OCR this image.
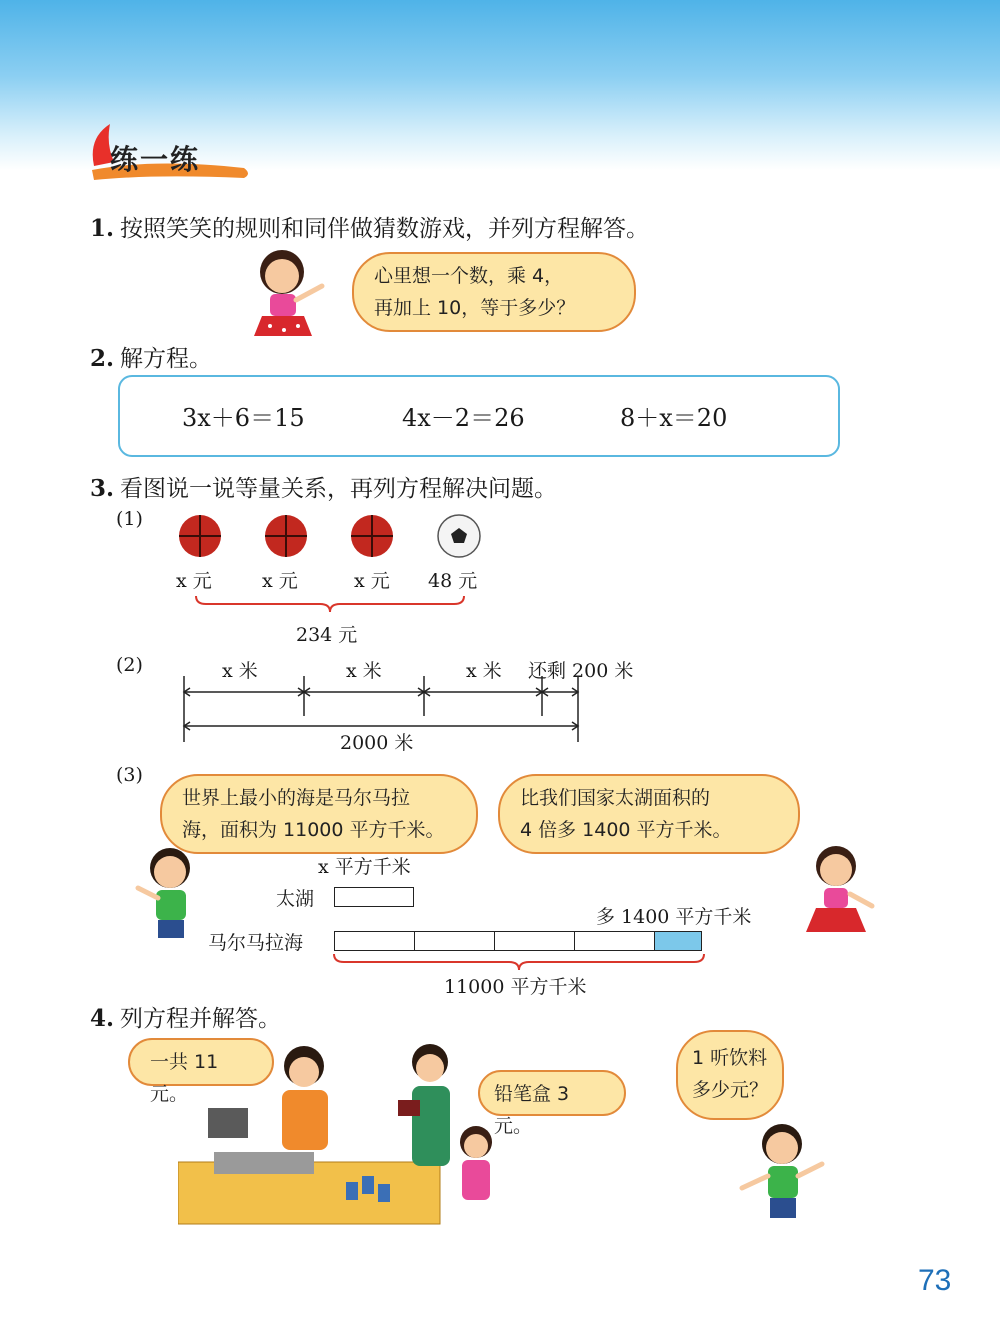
练一练
1. 按照笑笑的规则和同伴做猜数游戏，并列方程解答。
心里想一个数，乘 4，
再加上 10，等于多少？
2. 解方程。
3x＋6＝15	4x－2＝26	8＋x＝20
3. 看图说一说等量关系，再列方程解决问题。
(1)
x 元	x 元	x 元 48 元
234 元
(2)	x 米	x 米	x 米 还剩 200 米
2000 米
(3)
世界上最小的海是马尔马拉
海，面积为 11000 平方千米。
比我们国家太湖面积的
4 倍多 1400 平方千米。
x 平方千米
太湖
多 1400 平方千米
马尔马拉海
11000 平方千米
4. 列方程并解答。
一共 11 元。	铅笔盒 3 元。
1 听饮料
多少元？
73
